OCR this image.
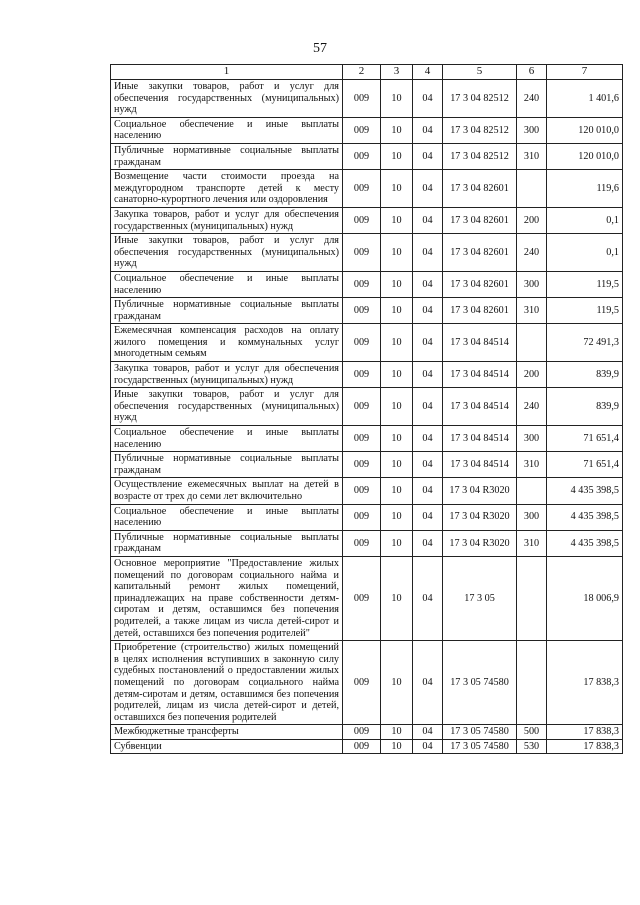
57
1	2	3	4	5	6	7
Иные закупки товаров, работ и услуг для обеспечения государственных (муниципальных) нужд	009	10	04	17 3 04 82512	240	1 401,6
Социальное обеспечение и иные выплаты населению	009	10	04	17 3 04 82512	300	120 010,0
Публичные нормативные социальные выплаты гражданам	009	10	04	17 3 04 82512	310	120 010,0
Возмещение части стоимости проезда на междугородном транспорте детей к месту санаторно-курортного лечения или оздоровления	009	10	04	17 3 04 82601		119,6
Закупка товаров, работ и услуг для обеспечения государственных (муниципальных) нужд	009	10	04	17 3 04 82601	200	0,1
Иные закупки товаров, работ и услуг для обеспечения государственных (муниципальных) нужд	009	10	04	17 3 04 82601	240	0,1
Социальное обеспечение и иные выплаты населению	009	10	04	17 3 04 82601	300	119,5
Публичные нормативные социальные выплаты гражданам	009	10	04	17 3 04 82601	310	119,5
Ежемесячная компенсация расходов на оплату жилого помещения и коммунальных услуг многодетным семьям	009	10	04	17 3 04 84514		72 491,3
Закупка товаров, работ и услуг для обеспечения государственных (муниципальных) нужд	009	10	04	17 3 04 84514	200	839,9
Иные закупки товаров, работ и услуг для обеспечения государственных (муниципальных) нужд	009	10	04	17 3 04 84514	240	839,9
Социальное обеспечение и иные выплаты населению	009	10	04	17 3 04 84514	300	71 651,4
Публичные нормативные социальные выплаты гражданам	009	10	04	17 3 04 84514	310	71 651,4
Осуществление ежемесячных выплат на детей в возрасте от трех до семи лет включительно	009	10	04	17 3 04 R3020		4 435 398,5
Социальное обеспечение и иные выплаты населению	009	10	04	17 3 04 R3020	300	4 435 398,5
Публичные нормативные социальные выплаты гражданам	009	10	04	17 3 04 R3020	310	4 435 398,5
Основное мероприятие "Предоставление жилых помещений по договорам социального найма и капитальный ремонт жилых помещений, принадлежащих на праве собственности детям-сиротам и детям, оставшимся без попечения родителей, а также лицам из числа детей-сирот и детей, оставшихся без попечения родителей"	009	10	04	17 3 05		18 006,9
Приобретение (строительство) жилых помещений в целях исполнения вступивших в законную силу судебных постановлений о предоставлении жилых помещений по договорам социального найма детям-сиротам и детям, оставшимся без попечения родителей, лицам из числа детей-сирот и детей, оставшихся без попечения родителей	009	10	04	17 3 05 74580		17 838,3
Межбюджетные трансферты	009	10	04	17 3 05 74580	500	17 838,3
Субвенции	009	10	04	17 3 05 74580	530	17 838,3
